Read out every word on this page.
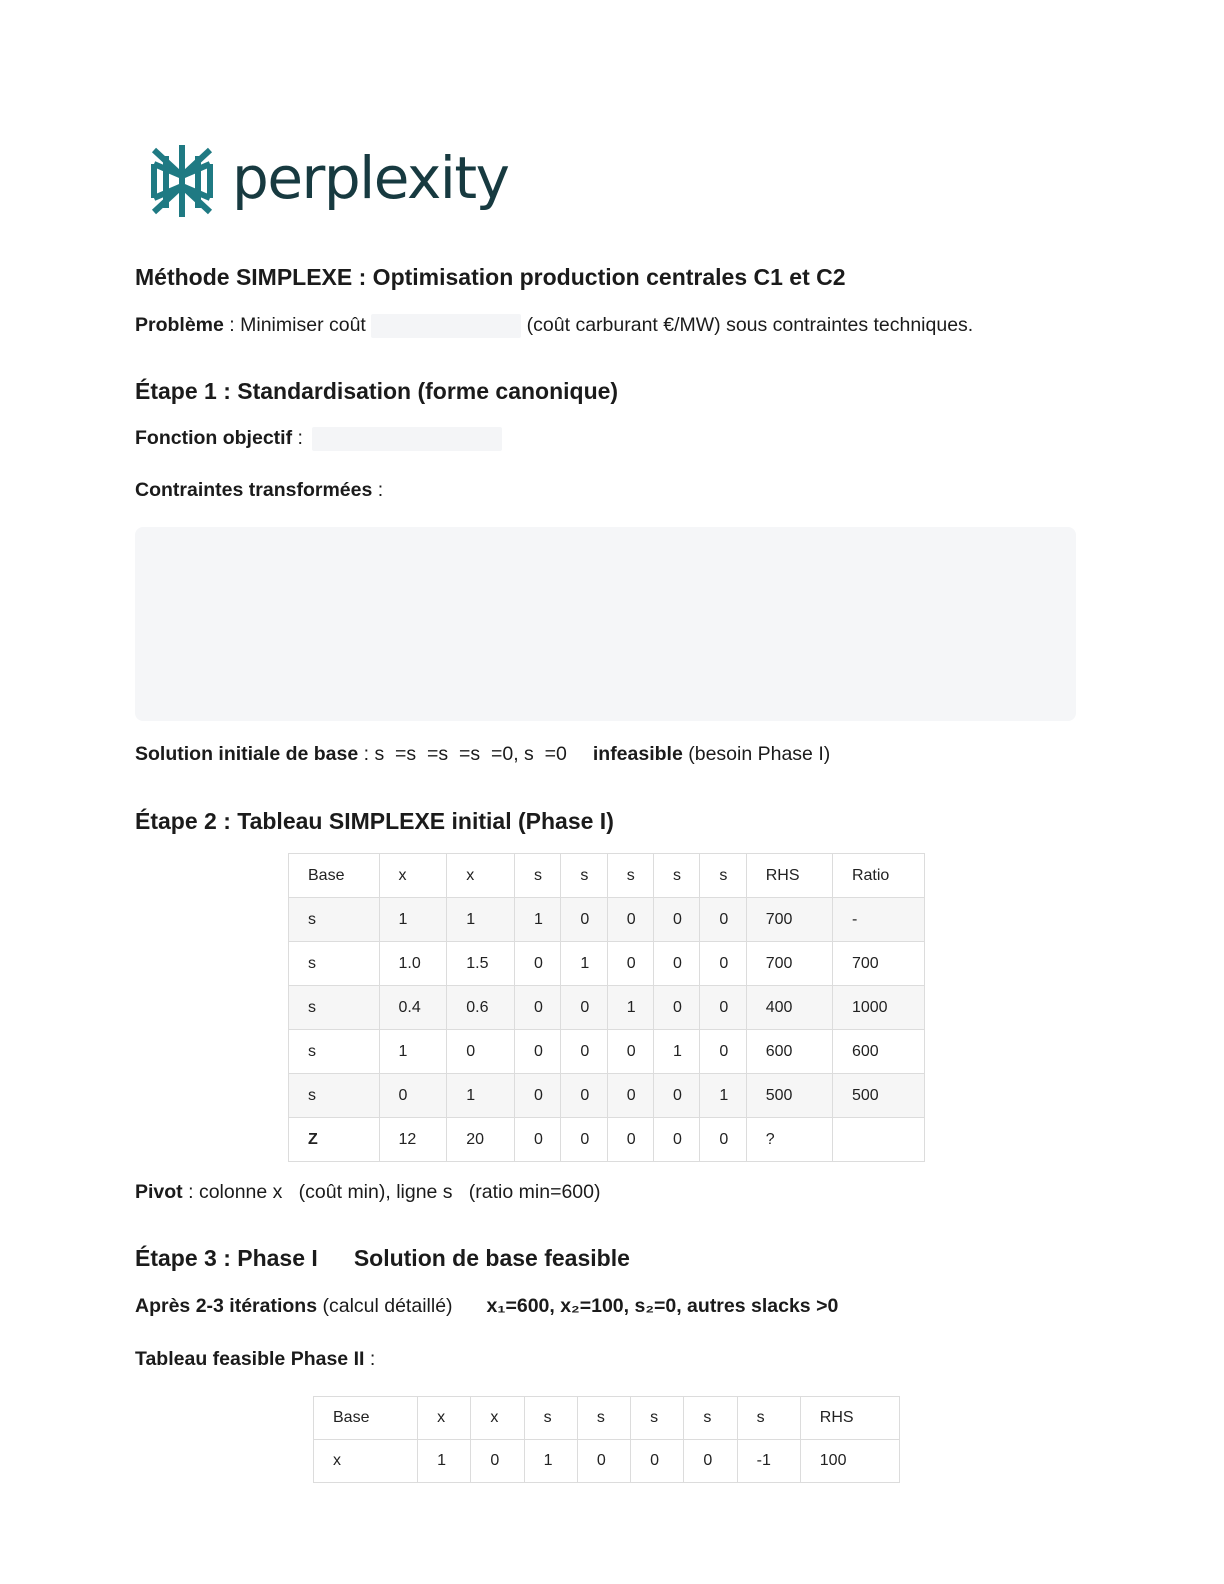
perplexity
Méthode SIMPLEXE : Optimisation production centrales C1 et C2
Problème : Minimiser coût	(coût carburant €/MW) sous contraintes techniques.
Étape 1 : Standardisation (forme canonique)
Fonction objectif :
Contraintes transformées :
Solution initiale de base : s  =s  =s  =s  =0, s  =0 infeasible (besoin Phase I)
Étape 2 : Tableau SIMPLEXE initial (Phase I)
Base	x	x	s	s	s	s	s	RHS	Ratio
s	1	1	1	0	0	0	0	700	-
s	1.0	1.5	0	1	0	0	0	700	700
s	0.4	0.6	0	0	1	0	0	400	1000
s	1	0	0	0	0	1	0	600	600
s	0	1	0	0	0	0	1	500	500
Z	12	20	0	0	0	0	0	?	
Pivot : colonne x   (coût min), ligne s   (ratio min=600)
Étape 3 : Phase I Solution de base feasible
Après 2-3 itérations (calcul détaillé) x₁=600, x₂=100, s₂=0, autres slacks >0
Tableau feasible Phase II :
Base	x	x	s	s	s	s	s	RHS
x	1	0	1	0	0	0	-1	100
